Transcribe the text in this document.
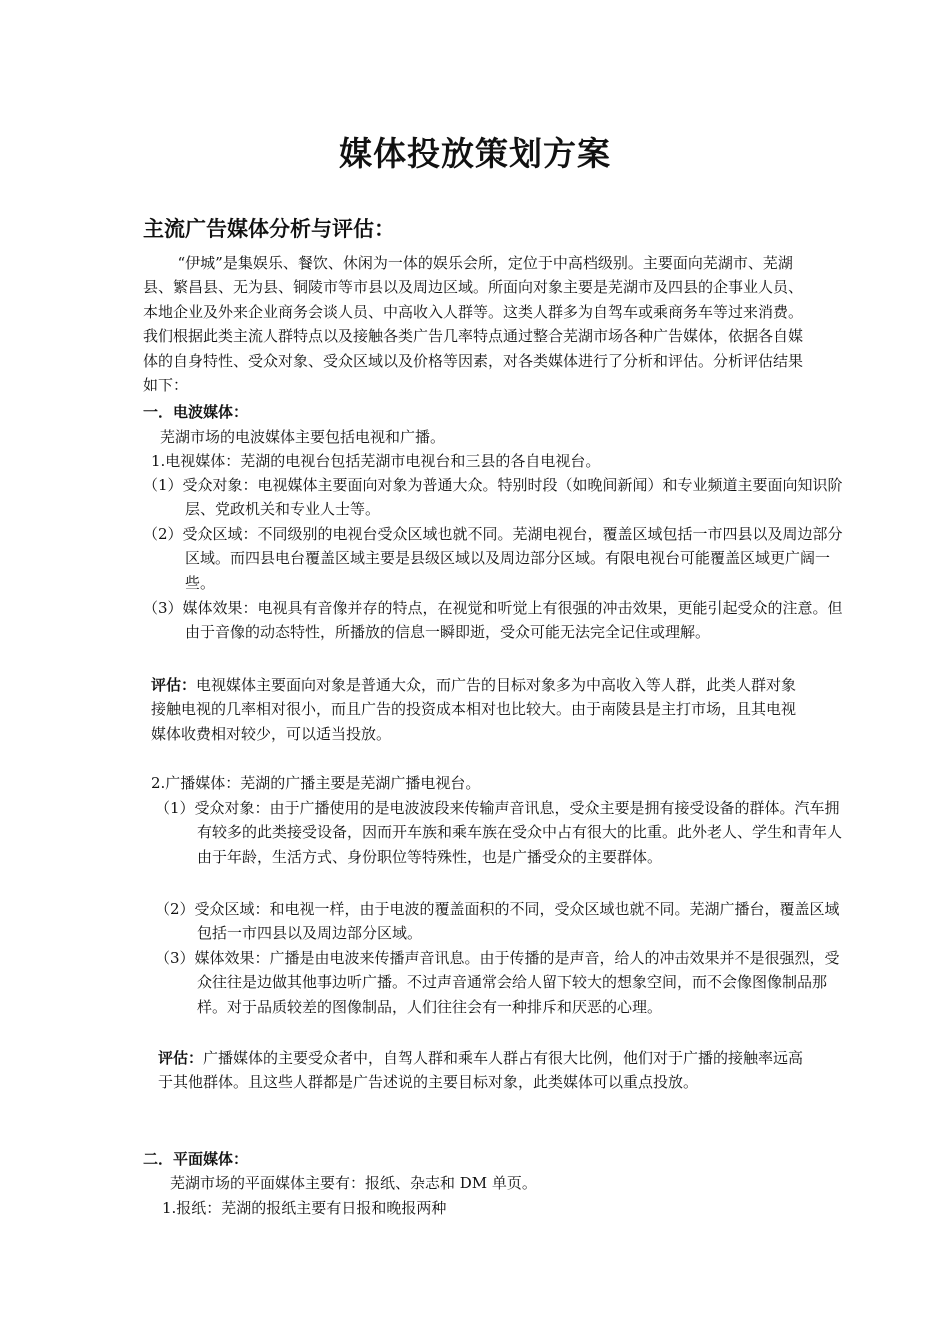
媒体投放策划方案
主流广告媒体分析与评估：

“伊城”是集娱乐、餐饮、休闲为一体的娱乐会所，定位于中高档级别。主要面向芜湖市、芜湖县、繁昌县、无为县、铜陵市等市县以及周边区域。所面向对象主要是芜湖市及四县的企事业人员、本地企业及外来企业商务会谈人员、中高收入人群等。这类人群多为自驾车或乘商务车等过来消费。我们根据此类主流人群特点以及接触各类广告几率特点通过整合芜湖市场各种广告媒体，依据各自媒体的自身特性、受众对象、受众区域以及价格等因素，对各类媒体进行了分析和评估。分析评估结果如下：

一．电波媒体：

芜湖市场的电波媒体主要包括电视和广播。

1.电视媒体：芜湖的电视台包括芜湖市电视台和三县的各自电视台。

（1）受众对象：电视媒体主要面向对象为普通大众。特别时段（如晚间新闻）和专业频道主要面向知识阶层、党政机关和专业人士等。

（2）受众区域：不同级别的电视台受众区域也就不同。芜湖电视台，覆盖区域包括一市四县以及周边部分区域。而四县电台覆盖区域主要是县级区域以及周边部分区域。有限电视台可能覆盖区域更广阔一些。

（3）媒体效果：电视具有音像并存的特点，在视觉和听觉上有很强的冲击效果，更能引起受众的注意。但由于音像的动态特性，所播放的信息一瞬即逝，受众可能无法完全记住或理解。

评估：电视媒体主要面向对象是普通大众，而广告的目标对象多为中高收入等人群，此类人群对象接触电视的几率相对很小，而且广告的投资成本相对也比较大。由于南陵县是主打市场，且其电视媒体收费相对较少，可以适当投放。

2.广播媒体：芜湖的广播主要是芜湖广播电视台。

（1）受众对象：由于广播使用的是电波波段来传输声音讯息，受众主要是拥有接受设备的群体。汽车拥有较多的此类接受设备，因而开车族和乘车族在受众中占有很大的比重。此外老人、学生和青年人由于年龄，生活方式、身份职位等特殊性，也是广播受众的主要群体。

（2）受众区域：和电视一样，由于电波的覆盖面积的不同，受众区域也就不同。芜湖广播台，覆盖区域包括一市四县以及周边部分区域。

（3）媒体效果：广播是由电波来传播声音讯息。由于传播的是声音，给人的冲击效果并不是很强烈，受众往往是边做其他事边听广播。不过声音通常会给人留下较大的想象空间，而不会像图像制品那样。对于品质较差的图像制品，人们往往会有一种排斥和厌恶的心理。

评估：广播媒体的主要受众者中，自驾人群和乘车人群占有很大比例，他们对于广播的接触率远高于其他群体。且这些人群都是广告述说的主要目标对象，此类媒体可以重点投放。

二．平面媒体：

芜湖市场的平面媒体主要有：报纸、杂志和 DM 单页。

1.报纸：芜湖的报纸主要有日报和晚报两种
